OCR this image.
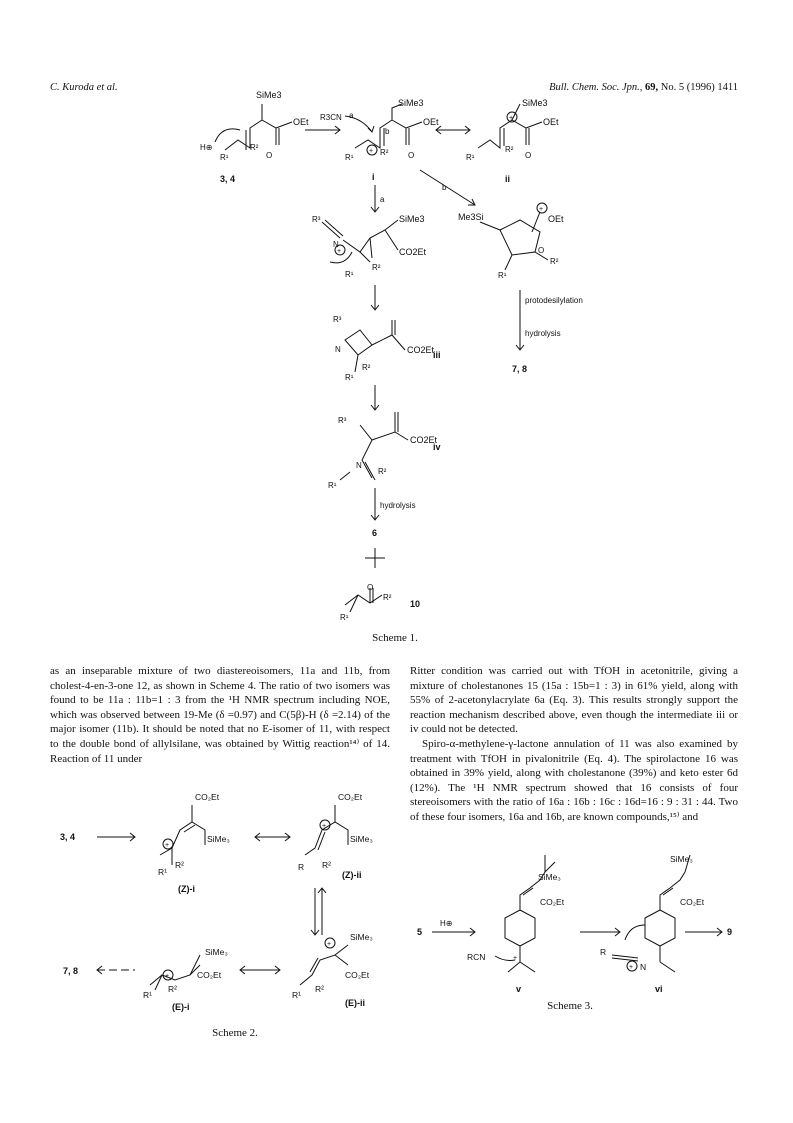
C. Kuroda et al.	Bull. Chem. Soc. Jpn., 69, No. 5 (1996) 1411
SiMe3
OEt
H⊕
R¹
R²
O
3, 4
R3CN a
b
SiMe3
OEt
+
R¹
R² O
i
SiMe3
OEt
+
R¹
R²
O
ii
a
b
R³	SiMe3
CO2Et
N
+
R¹
R²
R³
N	CO2Et
R¹
R²
iii
R³
CO2Et
N
R²
R¹
iv
hydrolysis
6
O
R²
R¹
10
Me3Si	OEt
+
O
R²
R¹
protodesilylation
hydrolysis
7, 8
Scheme 1.

as an inseparable mixture of two diastereoisomers, 11a and 11b, from cholest-4-en-3-one 12, as shown in Scheme 4. The ratio of two isomers was found to be 11a : 11b=1 : 3 from the ¹H NMR spectrum including NOE, which was observed between 19-Me (δ =0.97) and C(5β)-H (δ =2.14) of the major isomer (11b). It should be noted that no E-isomer of 11, with respect to the double bond of allylsilane, was obtained by Wittig reaction¹⁴⁾ of 14. Reaction of 11 under

Ritter condition was carried out with TfOH in acetonitrile, giving a mixture of cholestanones 15 (15a : 15b=1 : 3) in 61% yield, along with 55% of 2-acetonylacrylate 6a (Eq. 3). This results strongly support the reaction mechanism described above, even though the intermediate iii or iv could not be detected.

Spiro-α-methylene-γ-lactone annulation of 11 was also examined by treatment with TfOH in pivalonitrile (Eq. 4). The spirolactone 16 was obtained in 39% yield, along with cholestanone (39%) and keto ester 6d (12%). The ¹H NMR spectrum showed that 16 consists of four stereoisomers with the ratio of 16a : 16b : 16c : 16d=16 : 9 : 31 : 44. Two of these four isomers, 16a and 16b, are known compounds,¹⁵⁾ and

3, 4
CO₂Et
SiMe₃
+
R¹
R²
(Z)-i
CO₂Et
SiMe₃
+
R R²
(Z)-ii
7, 8
SiMe₃
CO₂Et
+
R¹
R²
(E)-i
SiMe₃
CO₂Et
+
R¹
R²
(E)-ii
Scheme 2.
5
H⊕
SiMe₃
CO₂Et
RCN	+
v
SiMe₃
CO₂Et
R
+ N
vi
9
Scheme 3.
